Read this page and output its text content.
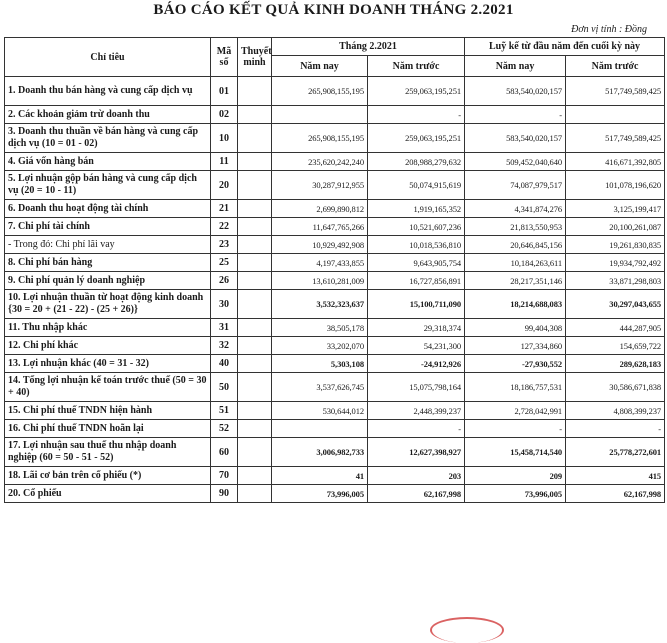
BÁO CÁO KẾT QUẢ KINH DOANH THÁNG 2.2021
Đơn vị tính : Đồng
Chỉ tiêu	Mã số	Thuyết minh	Tháng 2.2021		Luỹ kế từ đầu năm đến cuối kỳ này	
			Năm nay	Năm trước	Năm nay	Năm trước
1. Doanh thu bán hàng và cung cấp dịch vụ	01		265,908,155,195	259,063,195,251	583,540,020,157	517,749,589,425
2. Các khoản giảm trừ doanh thu	02			-	-	
3. Doanh thu thuần về bán hàng và cung cấp dịch vụ (10 = 01 - 02)	10		265,908,155,195	259,063,195,251	583,540,020,157	517,749,589,425
4. Giá vốn hàng bán	11		235,620,242,240	208,988,279,632	509,452,040,640	416,671,392,805
5. Lợi nhuận gộp bán hàng và cung cấp dịch vụ (20 = 10 - 11)	20		30,287,912,955	50,074,915,619	74,087,979,517	101,078,196,620
6. Doanh thu hoạt động tài chính	21		2,699,890,812	1,919,165,352	4,341,874,276	3,125,199,417
7. Chi phí tài chính	22		11,647,765,266	10,521,607,236	21,813,550,953	20,100,261,087
- Trong đó: Chi phí lãi vay	23		10,929,492,908	10,018,536,810	20,646,845,156	19,261,830,835
8. Chi phí bán hàng	25		4,197,433,855	9,643,905,754	10,184,263,611	19,934,792,492
9. Chi phí quản lý doanh nghiệp	26		13,610,281,009	16,727,856,891	28,217,351,146	33,871,298,803
10. Lợi nhuận thuần từ hoạt động kinh doanh {30 = 20 + (21 - 22) - (25 + 26)}	30		3,532,323,637	15,100,711,090	18,214,688,083	30,297,043,655
11. Thu nhập khác	31		38,505,178	29,318,374	99,404,308	444,287,905
12. Chi phí khác	32		33,202,070	54,231,300	127,334,860	154,659,722
13. Lợi nhuận khác (40 = 31 - 32)	40		5,303,108	-24,912,926	-27,930,552	289,628,183
14. Tổng lợi nhuận kế toán trước thuế (50 = 30 + 40)	50		3,537,626,745	15,075,798,164	18,186,757,531	30,586,671,838
15. Chi phí thuế TNDN hiện hành	51		530,644,012	2,448,399,237	2,728,042,991	4,808,399,237
16. Chi phí thuế TNDN hoãn lại	52			-	-	-
17. Lợi nhuận sau thuế thu nhập doanh nghiệp (60 = 50 - 51 - 52)	60		3,006,982,733	12,627,398,927	15,458,714,540	25,778,272,601
18. Lãi cơ bản trên cổ phiếu (*)	70		41	203	209	415
20. Cổ phiếu	90		73,996,005	62,167,998	73,996,005	62,167,998
